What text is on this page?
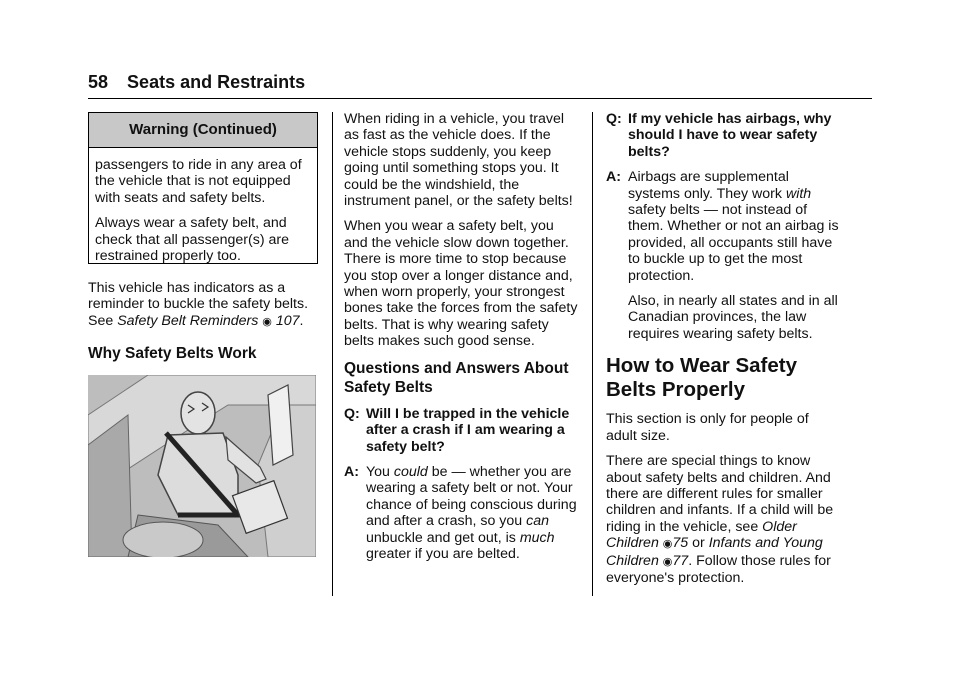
58 Seats and Restraints
Warning (Continued)

passengers to ride in any area of the vehicle that is not equipped with seats and safety belts.

Always wear a safety belt, and check that all passenger(s) are restrained properly too.

This vehicle has indicators as a reminder to buckle the safety belts. See Safety Belt Reminders ◉ 107.

Why Safety Belts Work

When riding in a vehicle, you travel as fast as the vehicle does. If the vehicle stops suddenly, you keep going until something stops you. It could be the windshield, the instrument panel, or the safety belts!

When you wear a safety belt, you and the vehicle slow down together. There is more time to stop because you stop over a longer distance and, when worn properly, your strongest bones take the forces from the safety belts. That is why wearing safety belts makes such good sense.

Questions and Answers About Safety Belts
Q: Will I be trapped in the vehicle after a crash if I am wearing a safety belt?
A: You could be — whether you are wearing a safety belt or not. Your chance of being conscious during and after a crash, so you can unbuckle and get out, is much greater if you are belted.
Q: If my vehicle has airbags, why should I have to wear safety belts?
A: Airbags are supplemental systems only. They work with safety belts — not instead of them. Whether or not an airbag is provided, all occupants still have to buckle up to get the most protection.
Also, in nearly all states and in all Canadian provinces, the law requires wearing safety belts.
How to Wear Safety Belts Properly

This section is only for people of adult size.

There are special things to know about safety belts and children. And there are different rules for smaller children and infants. If a child will be riding in the vehicle, see Older Children ◉75 or Infants and Young Children ◉77. Follow those rules for everyone's protection.
